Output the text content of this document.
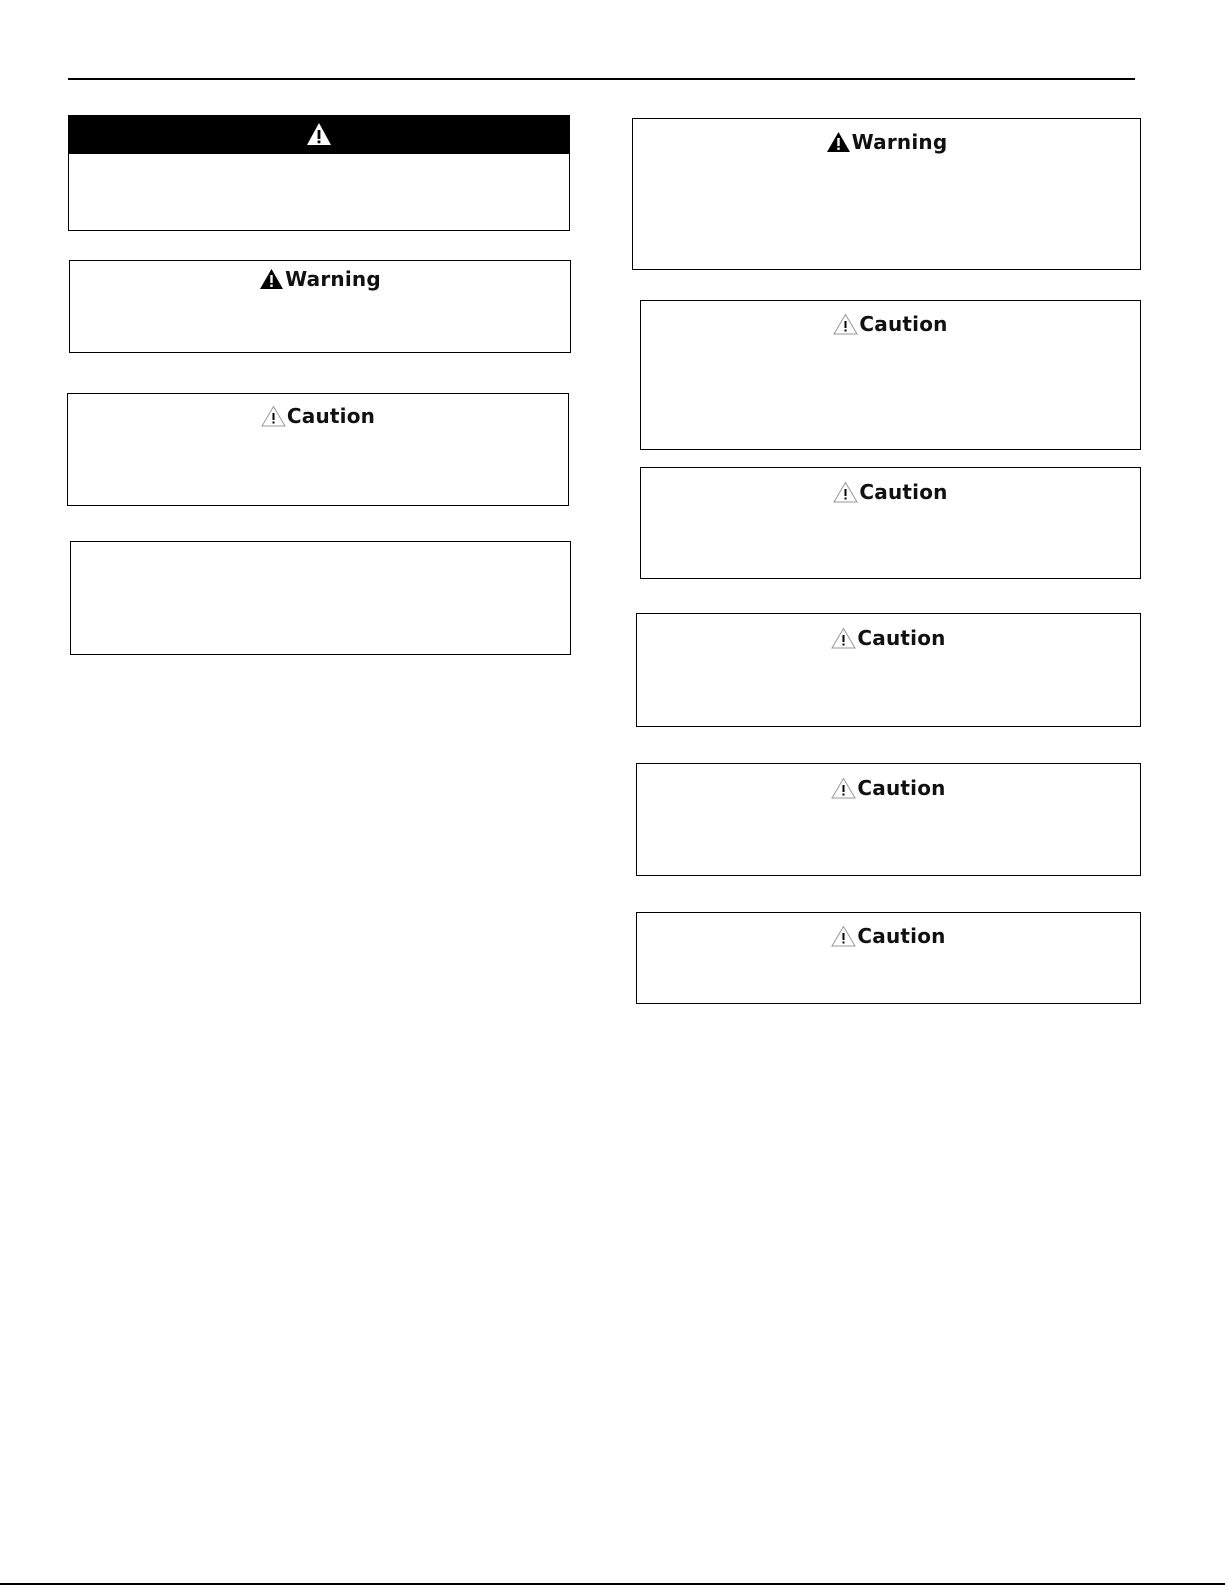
Warning
Caution
Warning
Caution
Caution
Caution
Caution
Caution
